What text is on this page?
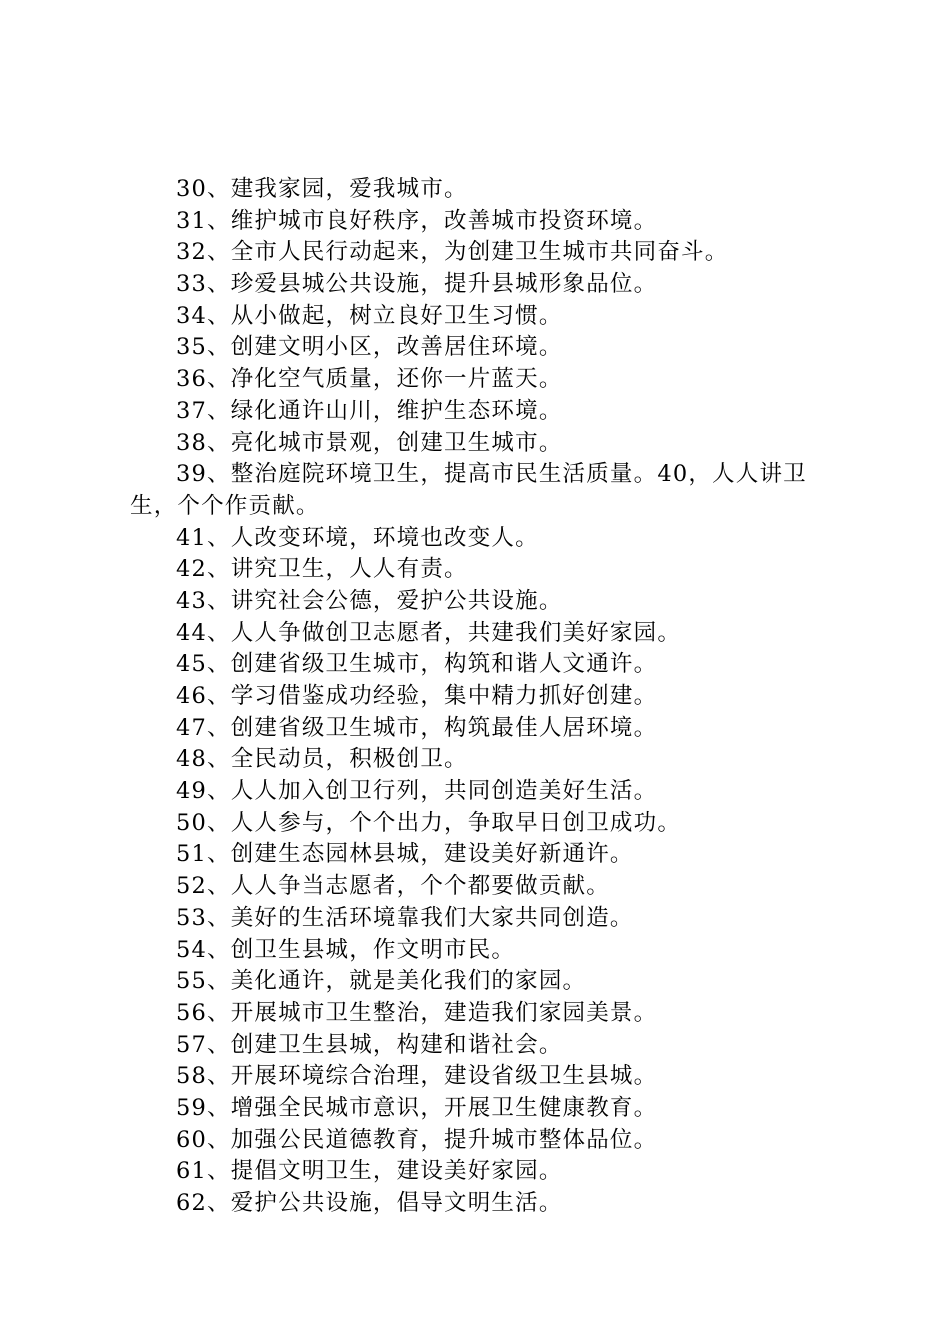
30、建我家园，爱我城市。
31、维护城市良好秩序，改善城市投资环境。
32、全市人民行动起来，为创建卫生城市共同奋斗。
33、珍爱县城公共设施，提升县城形象品位。
34、从小做起，树立良好卫生习惯。
35、创建文明小区，改善居住环境。
36、净化空气质量，还你一片蓝天。
37、绿化通许山川，维护生态环境。
38、亮化城市景观，创建卫生城市。
39、整治庭院环境卫生，提高市民生活质量。40，人人讲卫生，个个作贡献。
41、人改变环境，环境也改变人。
42、讲究卫生，人人有责。
43、讲究社会公德，爱护公共设施。
44、人人争做创卫志愿者，共建我们美好家园。
45、创建省级卫生城市，构筑和谐人文通许。
46、学习借鉴成功经验，集中精力抓好创建。
47、创建省级卫生城市，构筑最佳人居环境。
48、全民动员，积极创卫。
49、人人加入创卫行列，共同创造美好生活。
50、人人参与，个个出力，争取早日创卫成功。
51、创建生态园林县城，建设美好新通许。
52、人人争当志愿者，个个都要做贡献。
53、美好的生活环境靠我们大家共同创造。
54、创卫生县城，作文明市民。
55、美化通许，就是美化我们的家园。
56、开展城市卫生整治，建造我们家园美景。
57、创建卫生县城，构建和谐社会。
58、开展环境综合治理，建设省级卫生县城。
59、增强全民城市意识，开展卫生健康教育。
60、加强公民道德教育，提升城市整体品位。
61、提倡文明卫生，建设美好家园。
62、爱护公共设施，倡导文明生活。
